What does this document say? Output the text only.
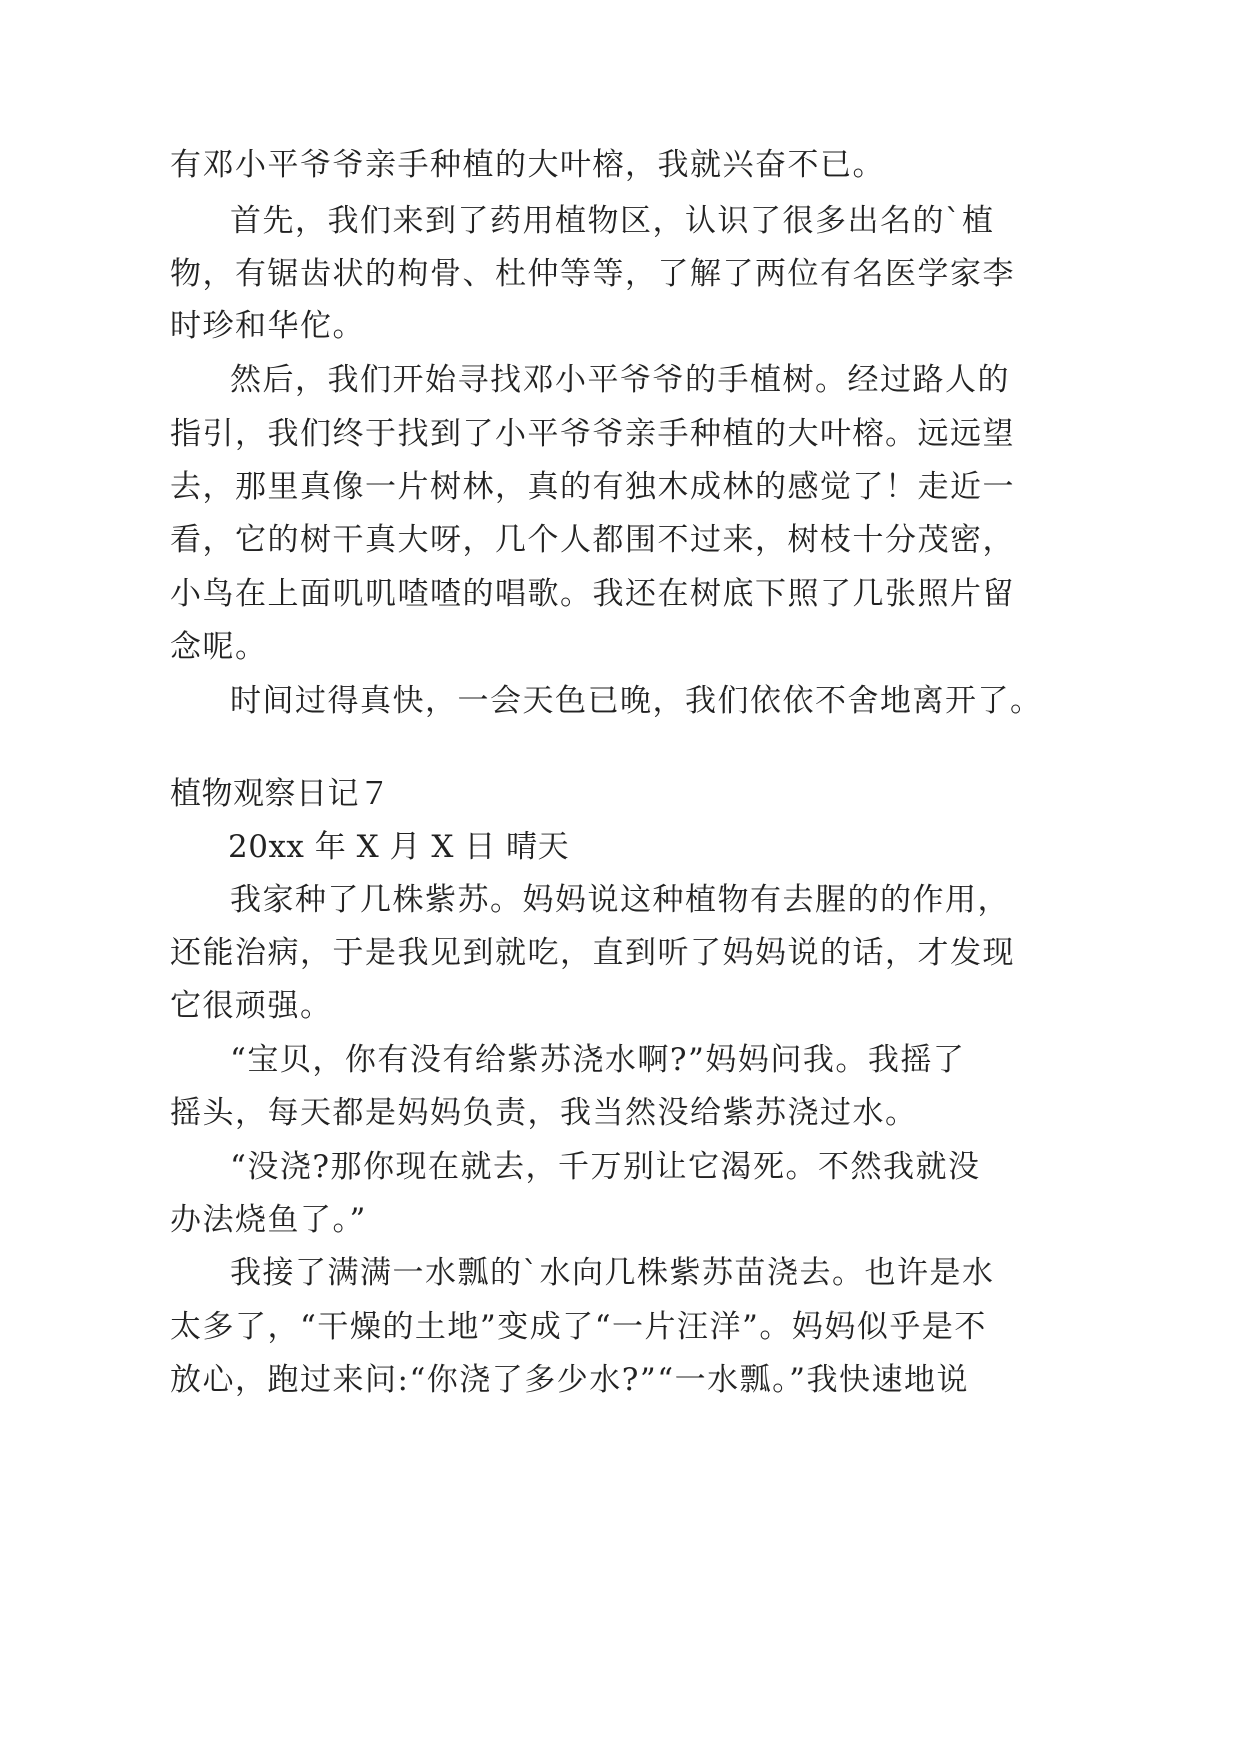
有邓小平爷爷亲手种植的大叶榕，我就兴奋不已。
首先，我们来到了药用植物区，认识了很多出名的`植
物，有锯齿状的枸骨、杜仲等等，了解了两位有名医学家李
时珍和华佗。
然后，我们开始寻找邓小平爷爷的手植树。经过路人的
指引，我们终于找到了小平爷爷亲手种植的大叶榕。远远望
去，那里真像一片树林，真的有独木成林的感觉了！走近一
看，它的树干真大呀，几个人都围不过来，树枝十分茂密，
小鸟在上面叽叽喳喳的唱歌。我还在树底下照了几张照片留
念呢。
时间过得真快，一会天色已晚，我们依依不舍地离开了。
植物观察日记７
20xx 年 X 月 X 日 晴天
我家种了几株紫苏。妈妈说这种植物有去腥的的作用，
还能治病，于是我见到就吃，直到听了妈妈说的话，才发现
它很顽强。
“宝贝，你有没有给紫苏浇水啊?”妈妈问我。我摇了
摇头，每天都是妈妈负责，我当然没给紫苏浇过水。
“没浇?那你现在就去，千万别让它渴死。不然我就没
办法烧鱼了。”
我接了满满一水瓢的`水向几株紫苏苗浇去。也许是水
太多了，“干燥的土地”变成了“一片汪洋”。妈妈似乎是不
放心，跑过来问:“你浇了多少水?”“一水瓢。”我快速地说
